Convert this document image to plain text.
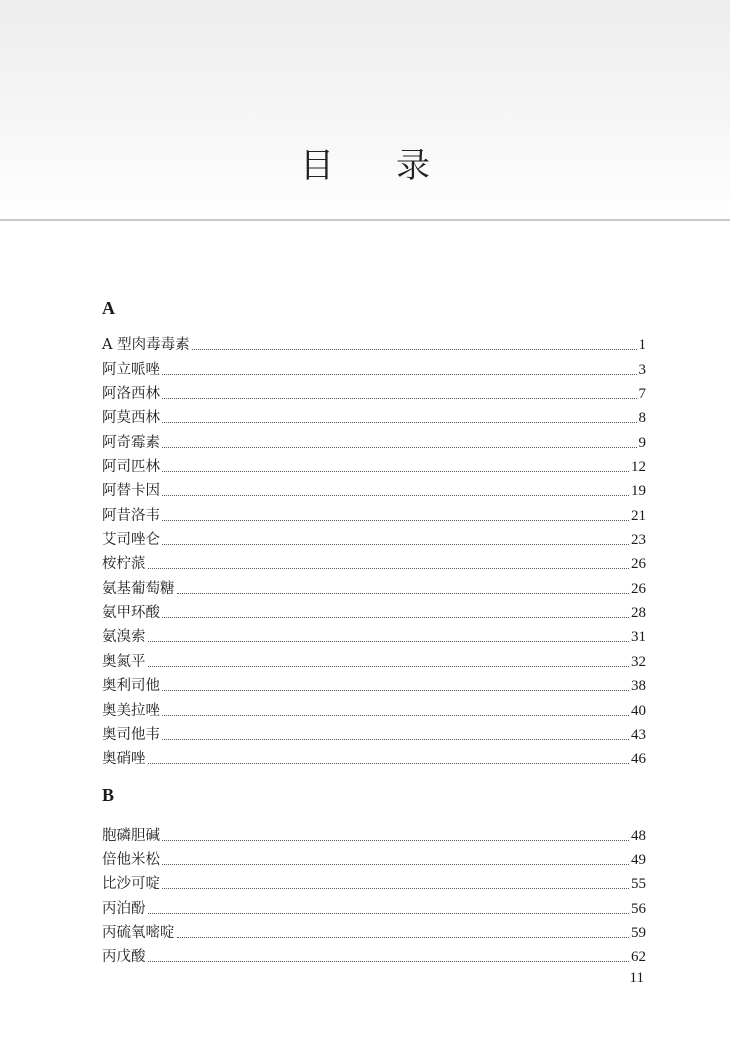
目录
A
A 型肉毒毒素	1
阿立哌唑	3
阿洛西林	7
阿莫西林	8
阿奇霉素	9
阿司匹林	12
阿替卡因	19
阿昔洛韦	21
艾司唑仑	23
桉柠蒎	26
氨基葡萄糖	26
氨甲环酸	28
氨溴索	31
奥氮平	32
奥利司他	38
奥美拉唑	40
奥司他韦	43
奥硝唑	46
B
胞磷胆碱	48
倍他米松	49
比沙可啶	55
丙泊酚	56
丙硫氧嘧啶	59
丙戊酸	62
11
